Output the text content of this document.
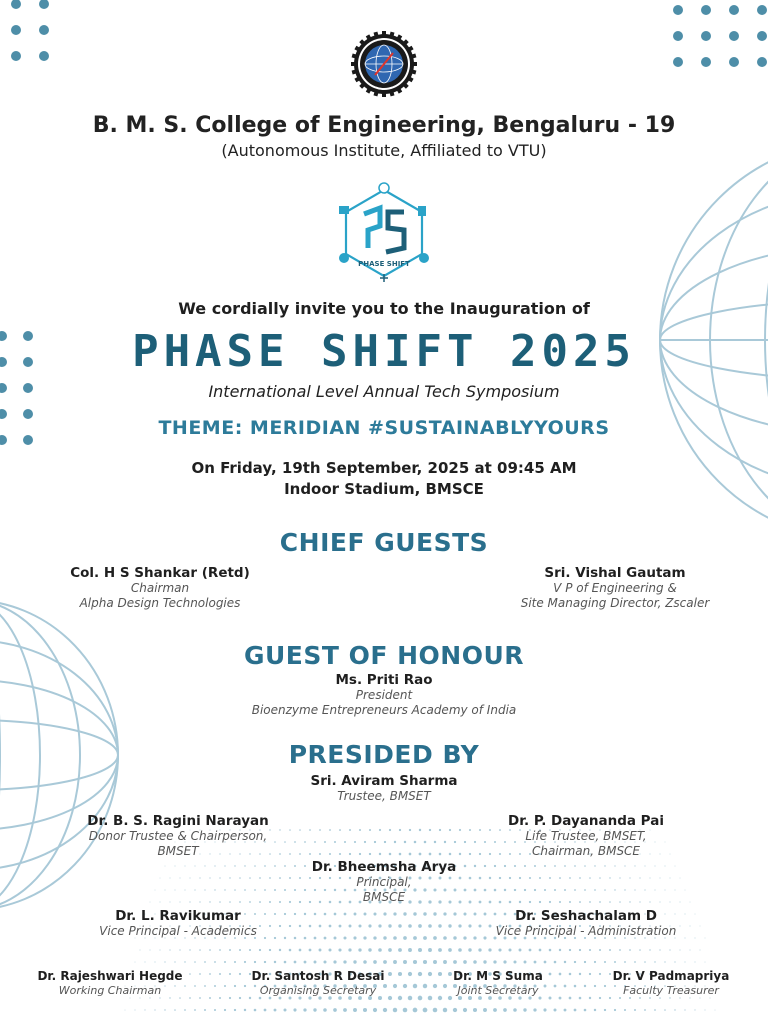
B. M. S. College of Engineering, Bengaluru - 19
(Autonomous Institute, Affiliated to VTU)
PHASE SHIFT
We cordially invite you to the Inauguration of
PHASE SHIFT 2025
International Level Annual Tech Symposium
THEME: MERIDIAN #SUSTAINABLYYOURS
On Friday, 19th September, 2025 at 09:45 AM
Indoor Stadium, BMSCE
CHIEF GUESTS
Col. H S Shankar (Retd)
Chairman
Alpha Design Technologies
Sri. Vishal Gautam
V P of Engineering &
Site Managing Director, Zscaler
GUEST OF HONOUR
Ms. Priti Rao
President
Bioenzyme Entrepreneurs Academy of India
PRESIDED BY
Sri. Aviram Sharma
Trustee, BMSET
Dr. B. S. Ragini Narayan
Donor Trustee & Chairperson,
BMSET
Dr. P. Dayananda Pai
Life Trustee, BMSET,
Chairman, BMSCE
Dr. Bheemsha Arya
Principal,
BMSCE
Dr. L. Ravikumar
Vice Principal - Academics
Dr. Seshachalam D
Vice Principal - Administration
Dr. Rajeshwari Hegde
Working Chairman
Dr. Santosh R Desai
Organising Secretary
Dr. M S Suma
Joint Secretary
Dr. V Padmapriya
Faculty Treasurer
